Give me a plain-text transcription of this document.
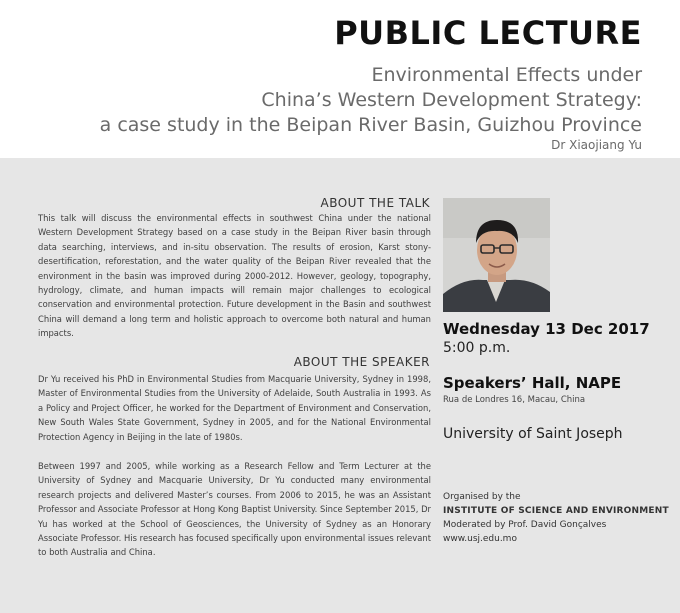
PUBLIC LECTURE
Environmental Effects under
China’s Western Development Strategy:
a case study in the Beipan River Basin, Guizhou Province
Dr Xiaojiang Yu
ABOUT THE TALK
This talk will discuss the environmental effects in southwest China under the national Western Development Strategy based on a case study in the Beipan River basin through data searching, interviews, and in-situ observation. The results of erosion, Karst stony-desertification, reforestation, and the water quality of the Beipan River revealed that the environment in the basin was improved during 2000-2012. However, geology, topography, hydrology, climate, and human impacts will remain major challenges to ecological conservation and environmental protection. Future development in the Basin and southwest China will demand a long term and holistic approach to overcome both natural and human impacts.
ABOUT THE SPEAKER
Dr Yu received his PhD in Environmental Studies from Macquarie University, Sydney in 1998, Master of Environmental Studies from the University of Adelaide, South Australia in 1993. As a Policy and Project Officer, he worked for the Department of Environment and Conservation, New South Wales State Government, Sydney in 2005, and for the National Environmental Protection Agency in Beijing in the late of 1980s.
Between 1997 and 2005, while working as a Research Fellow and Term Lecturer at the University of Sydney and Macquarie University, Dr Yu conducted many environmental research projects and delivered Master’s courses. From 2006 to 2015, he was an Assistant Professor and Associate Professor at Hong Kong Baptist University. Since September 2015, Dr Yu has worked at the School of Geosciences, the University of Sydney as an Honorary Associate Professor. His research has focused specifically upon environmental issues relevant to both Australia and China.
Wednesday 13 Dec 2017
5:00 p.m.
Speakers’ Hall, NAPE
Rua de Londres 16, Macau, China
University of Saint Joseph
Organised by the
INSTITUTE OF SCIENCE AND ENVIRONMENT
Moderated by Prof. David Gonçalves
www.usj.edu.mo
